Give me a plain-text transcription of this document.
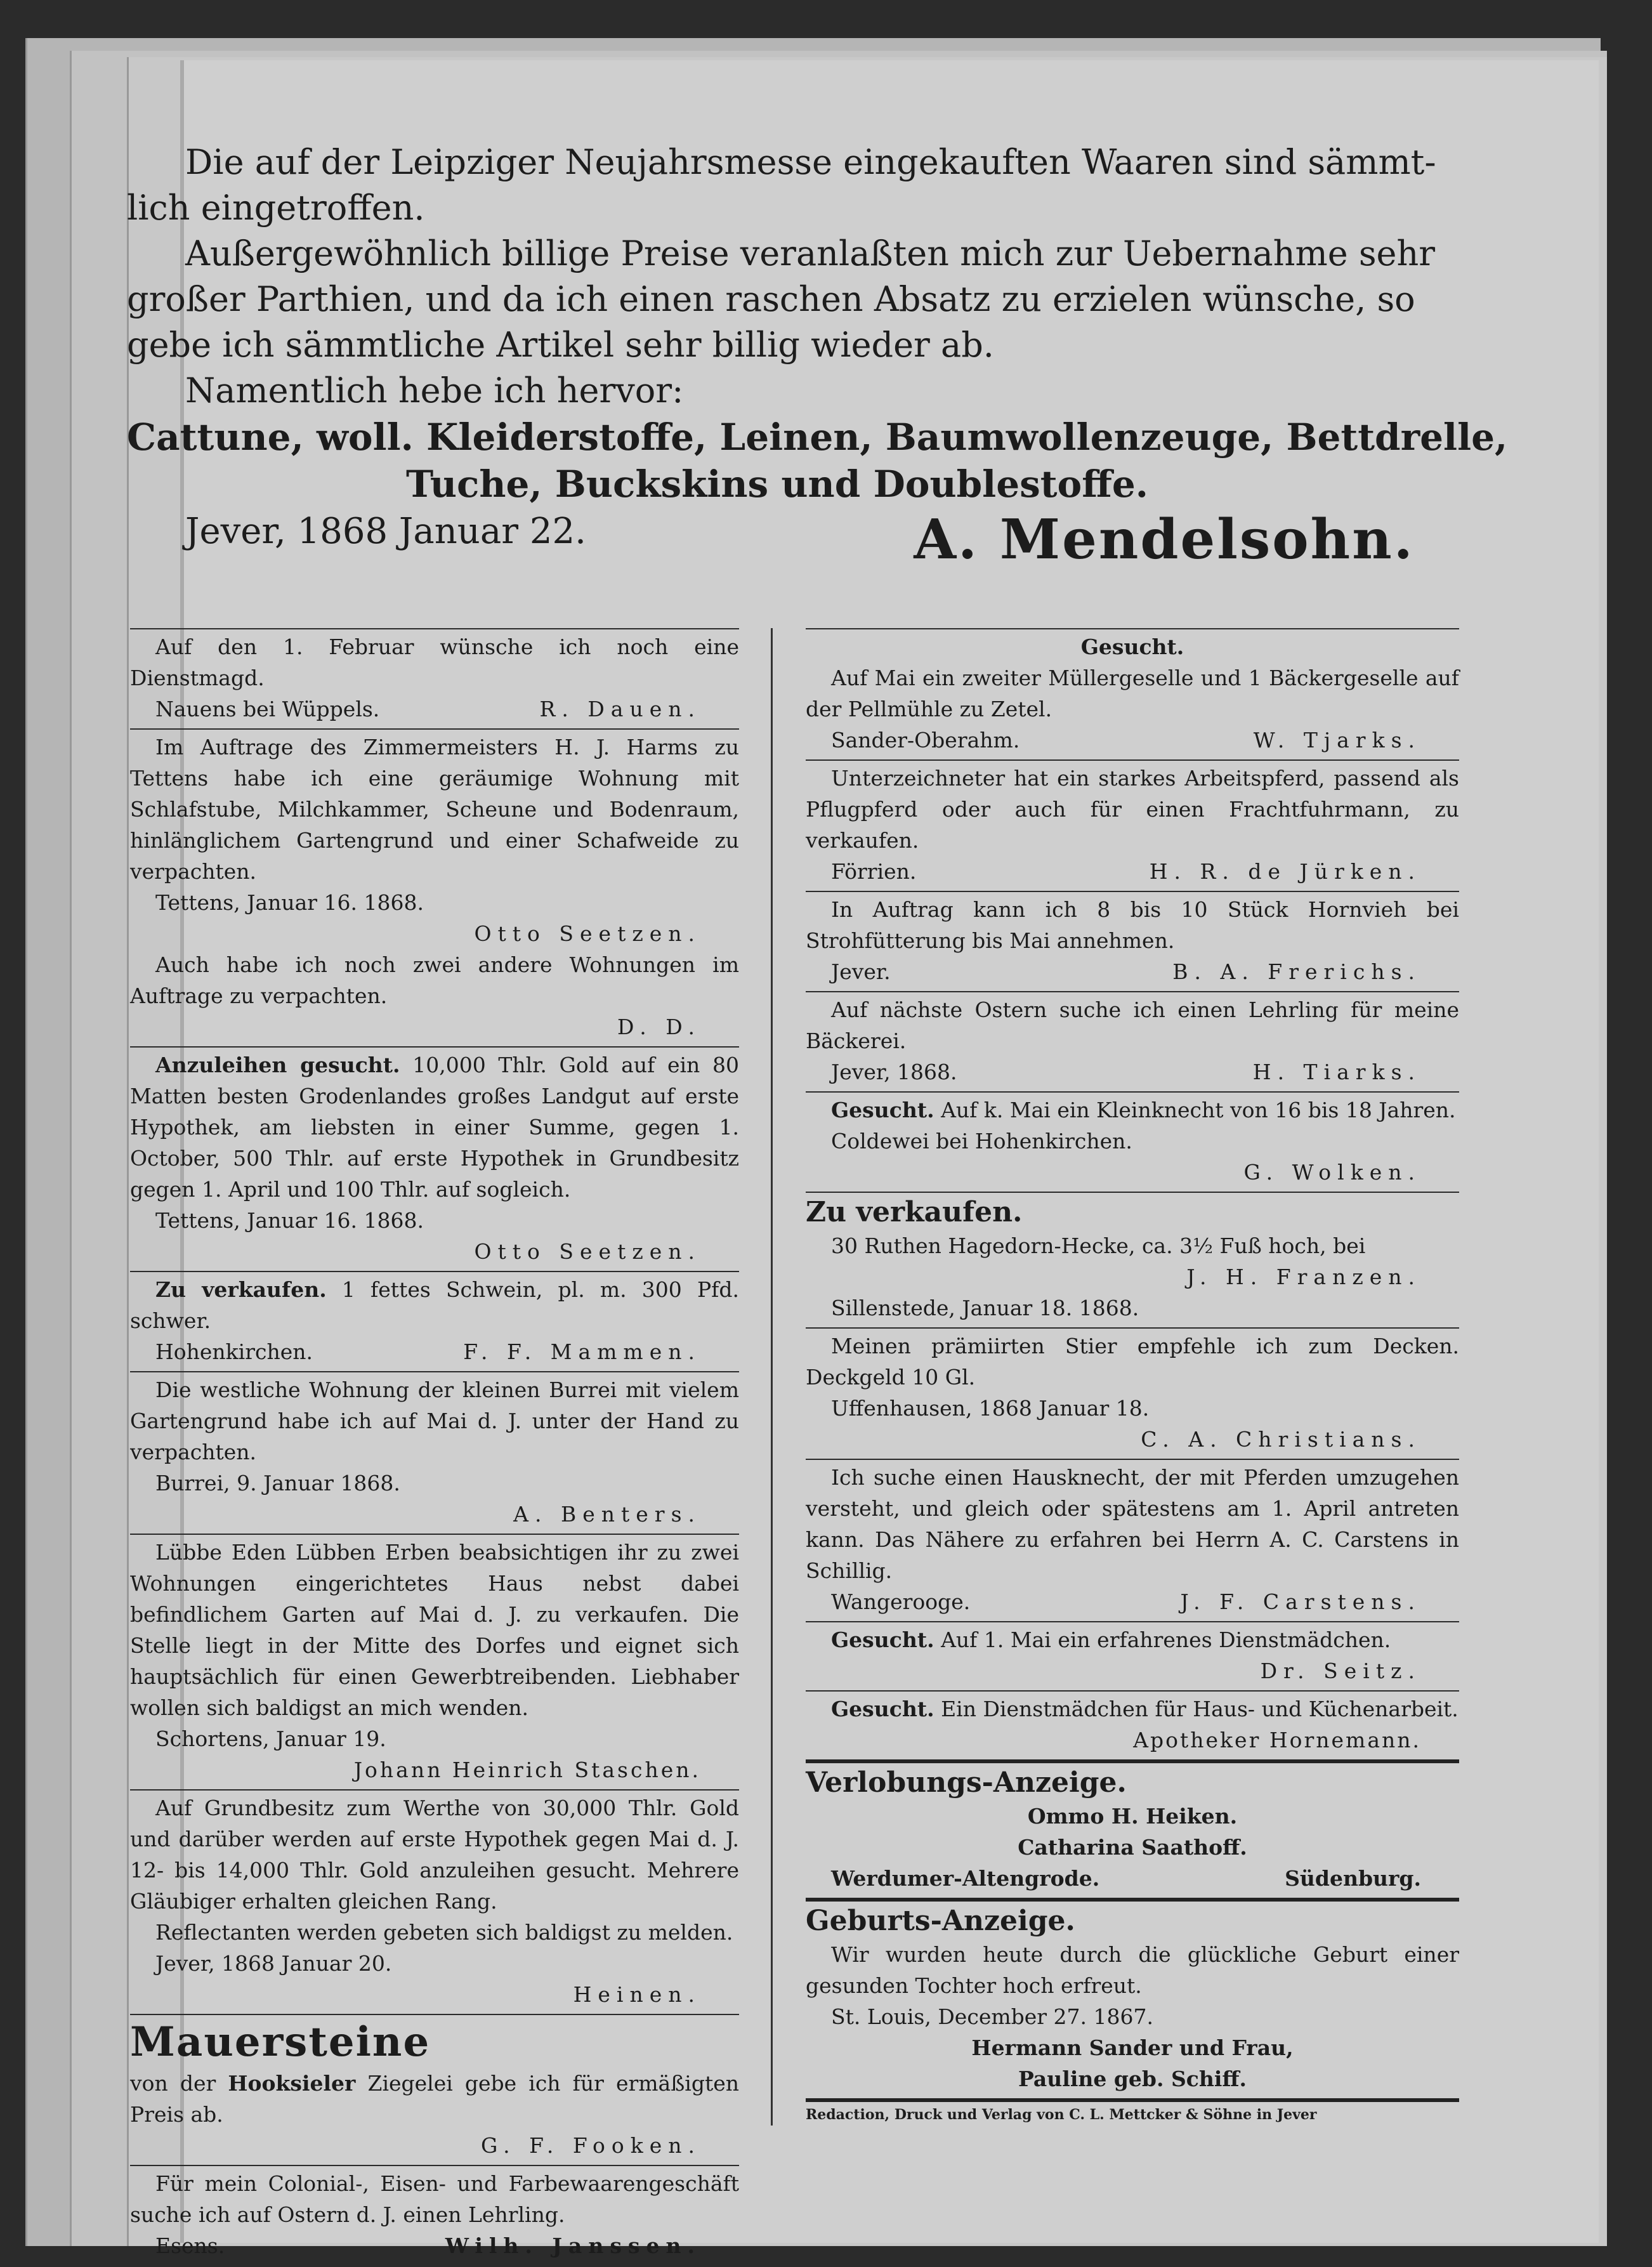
Die auf der Leipziger Neujahrsmesse eingekauften Waaren sind sämmt-
lich eingetroffen.
Außergewöhnlich billige Preise veranlaßten mich zur Uebernahme sehr
großer Parthien, und da ich einen raschen Absatz zu erzielen wünsche, so
gebe ich sämmtliche Artikel sehr billig wieder ab.
Namentlich hebe ich hervor:
Cattune, woll. Kleiderstoffe, Leinen, Baumwollenzeuge, Bettdrelle,
Tuche, Buckskins und Doublestoffe.
Jever, 1868 Januar 22.	A. Mendelsohn.

Auf den 1. Februar wünsche ich noch eine Dienstmagd.

Nauens bei Wüppels.	R. Dauen.

Im Auftrage des Zimmermeisters H. J. Harms zu Tettens habe ich eine geräumige Wohnung mit Schlafstube, Milchkammer, Scheune und Bodenraum, hinlänglichem Gartengrund und einer Schafweide zu verpachten.

Tettens, Januar 16. 1868.

Otto Seetzen.

Auch habe ich noch zwei andere Wohnungen im Auftrage zu verpachten.

D. D.

Anzuleihen gesucht. 10,000 Thlr. Gold auf ein 80 Matten besten Grodenlandes großes Landgut auf erste Hypothek, am liebsten in einer Summe, gegen 1. October, 500 Thlr. auf erste Hypothek in Grundbesitz gegen 1. April und 100 Thlr. auf sogleich.

Tettens, Januar 16. 1868.

Otto Seetzen.

Zu verkaufen. 1 fettes Schwein, pl. m. 300 Pfd. schwer.

Hohenkirchen.	F. F. Mammen.

Die westliche Wohnung der kleinen Burrei mit vielem Gartengrund habe ich auf Mai d. J. unter der Hand zu verpachten.

Burrei, 9. Januar 1868.

A. Benters.

Lübbe Eden Lübben Erben beabsichtigen ihr zu zwei Wohnungen eingerichtetes Haus nebst dabei befindlichem Garten auf Mai d. J. zu verkaufen. Die Stelle liegt in der Mitte des Dorfes und eignet sich hauptsächlich für einen Gewerbtreibenden. Liebhaber wollen sich baldigst an mich wenden.

Schortens, Januar 19.

Johann Heinrich Staschen.

Auf Grundbesitz zum Werthe von 30,000 Thlr. Gold und darüber werden auf erste Hypothek gegen Mai d. J. 12- bis 14,000 Thlr. Gold anzuleihen gesucht. Mehrere Gläubiger erhalten gleichen Rang.

Reflectanten werden gebeten sich baldigst zu melden.

Jever, 1868 Januar 20.

Heinen.

Mauersteine

von der Hooksieler Ziegelei gebe ich für ermäßigten Preis ab.

G. F. Fooken.

Für mein Colonial-, Eisen- und Farbewaarengeschäft suche ich auf Ostern d. J. einen Lehrling.

Esens.	Wilh. Janssen.

Gesucht.

Auf Mai ein zweiter Müllergeselle und 1 Bäckergeselle auf der Pellmühle zu Zetel.

Sander-Oberahm.	W. Tjarks.

Unterzeichneter hat ein starkes Arbeitspferd, passend als Pflugpferd oder auch für einen Frachtfuhrmann, zu verkaufen.

Förrien.	H. R. de Jürken.

In Auftrag kann ich 8 bis 10 Stück Hornvieh bei Strohfütterung bis Mai annehmen.

Jever.	B. A. Frerichs.

Auf nächste Ostern suche ich einen Lehrling für meine Bäckerei.

Jever, 1868.	H. Tiarks.

Gesucht. Auf k. Mai ein Kleinknecht von 16 bis 18 Jahren.

Coldewei bei Hohenkirchen.

G. Wolken.

Zu verkaufen.

30 Ruthen Hagedorn-Hecke, ca. 3½ Fuß hoch, bei

J. H. Franzen.

Sillenstede, Januar 18. 1868.

Meinen prämiirten Stier empfehle ich zum Decken. Deckgeld 10 Gl.

Uffenhausen, 1868 Januar 18.

C. A. Christians.

Ich suche einen Hausknecht, der mit Pferden umzugehen versteht, und gleich oder spätestens am 1. April antreten kann. Das Nähere zu erfahren bei Herrn A. C. Carstens in Schillig.

Wangerooge.	J. F. Carstens.

Gesucht. Auf 1. Mai ein erfahrenes Dienstmädchen.

Dr. Seitz.

Gesucht. Ein Dienstmädchen für Haus- und Küchenarbeit.

Apotheker Hornemann.

Verlobungs-Anzeige.

Ommo H. Heiken.

Catharina Saathoff.

Werdumer-Altengrode.	Südenburg.

Geburts-Anzeige.

Wir wurden heute durch die glückliche Geburt einer gesunden Tochter hoch erfreut.

St. Louis, December 27. 1867.

Hermann Sander und Frau,

Pauline geb. Schiff.

Redaction, Druck und Verlag von C. L. Mettcker & Söhne in Jever
